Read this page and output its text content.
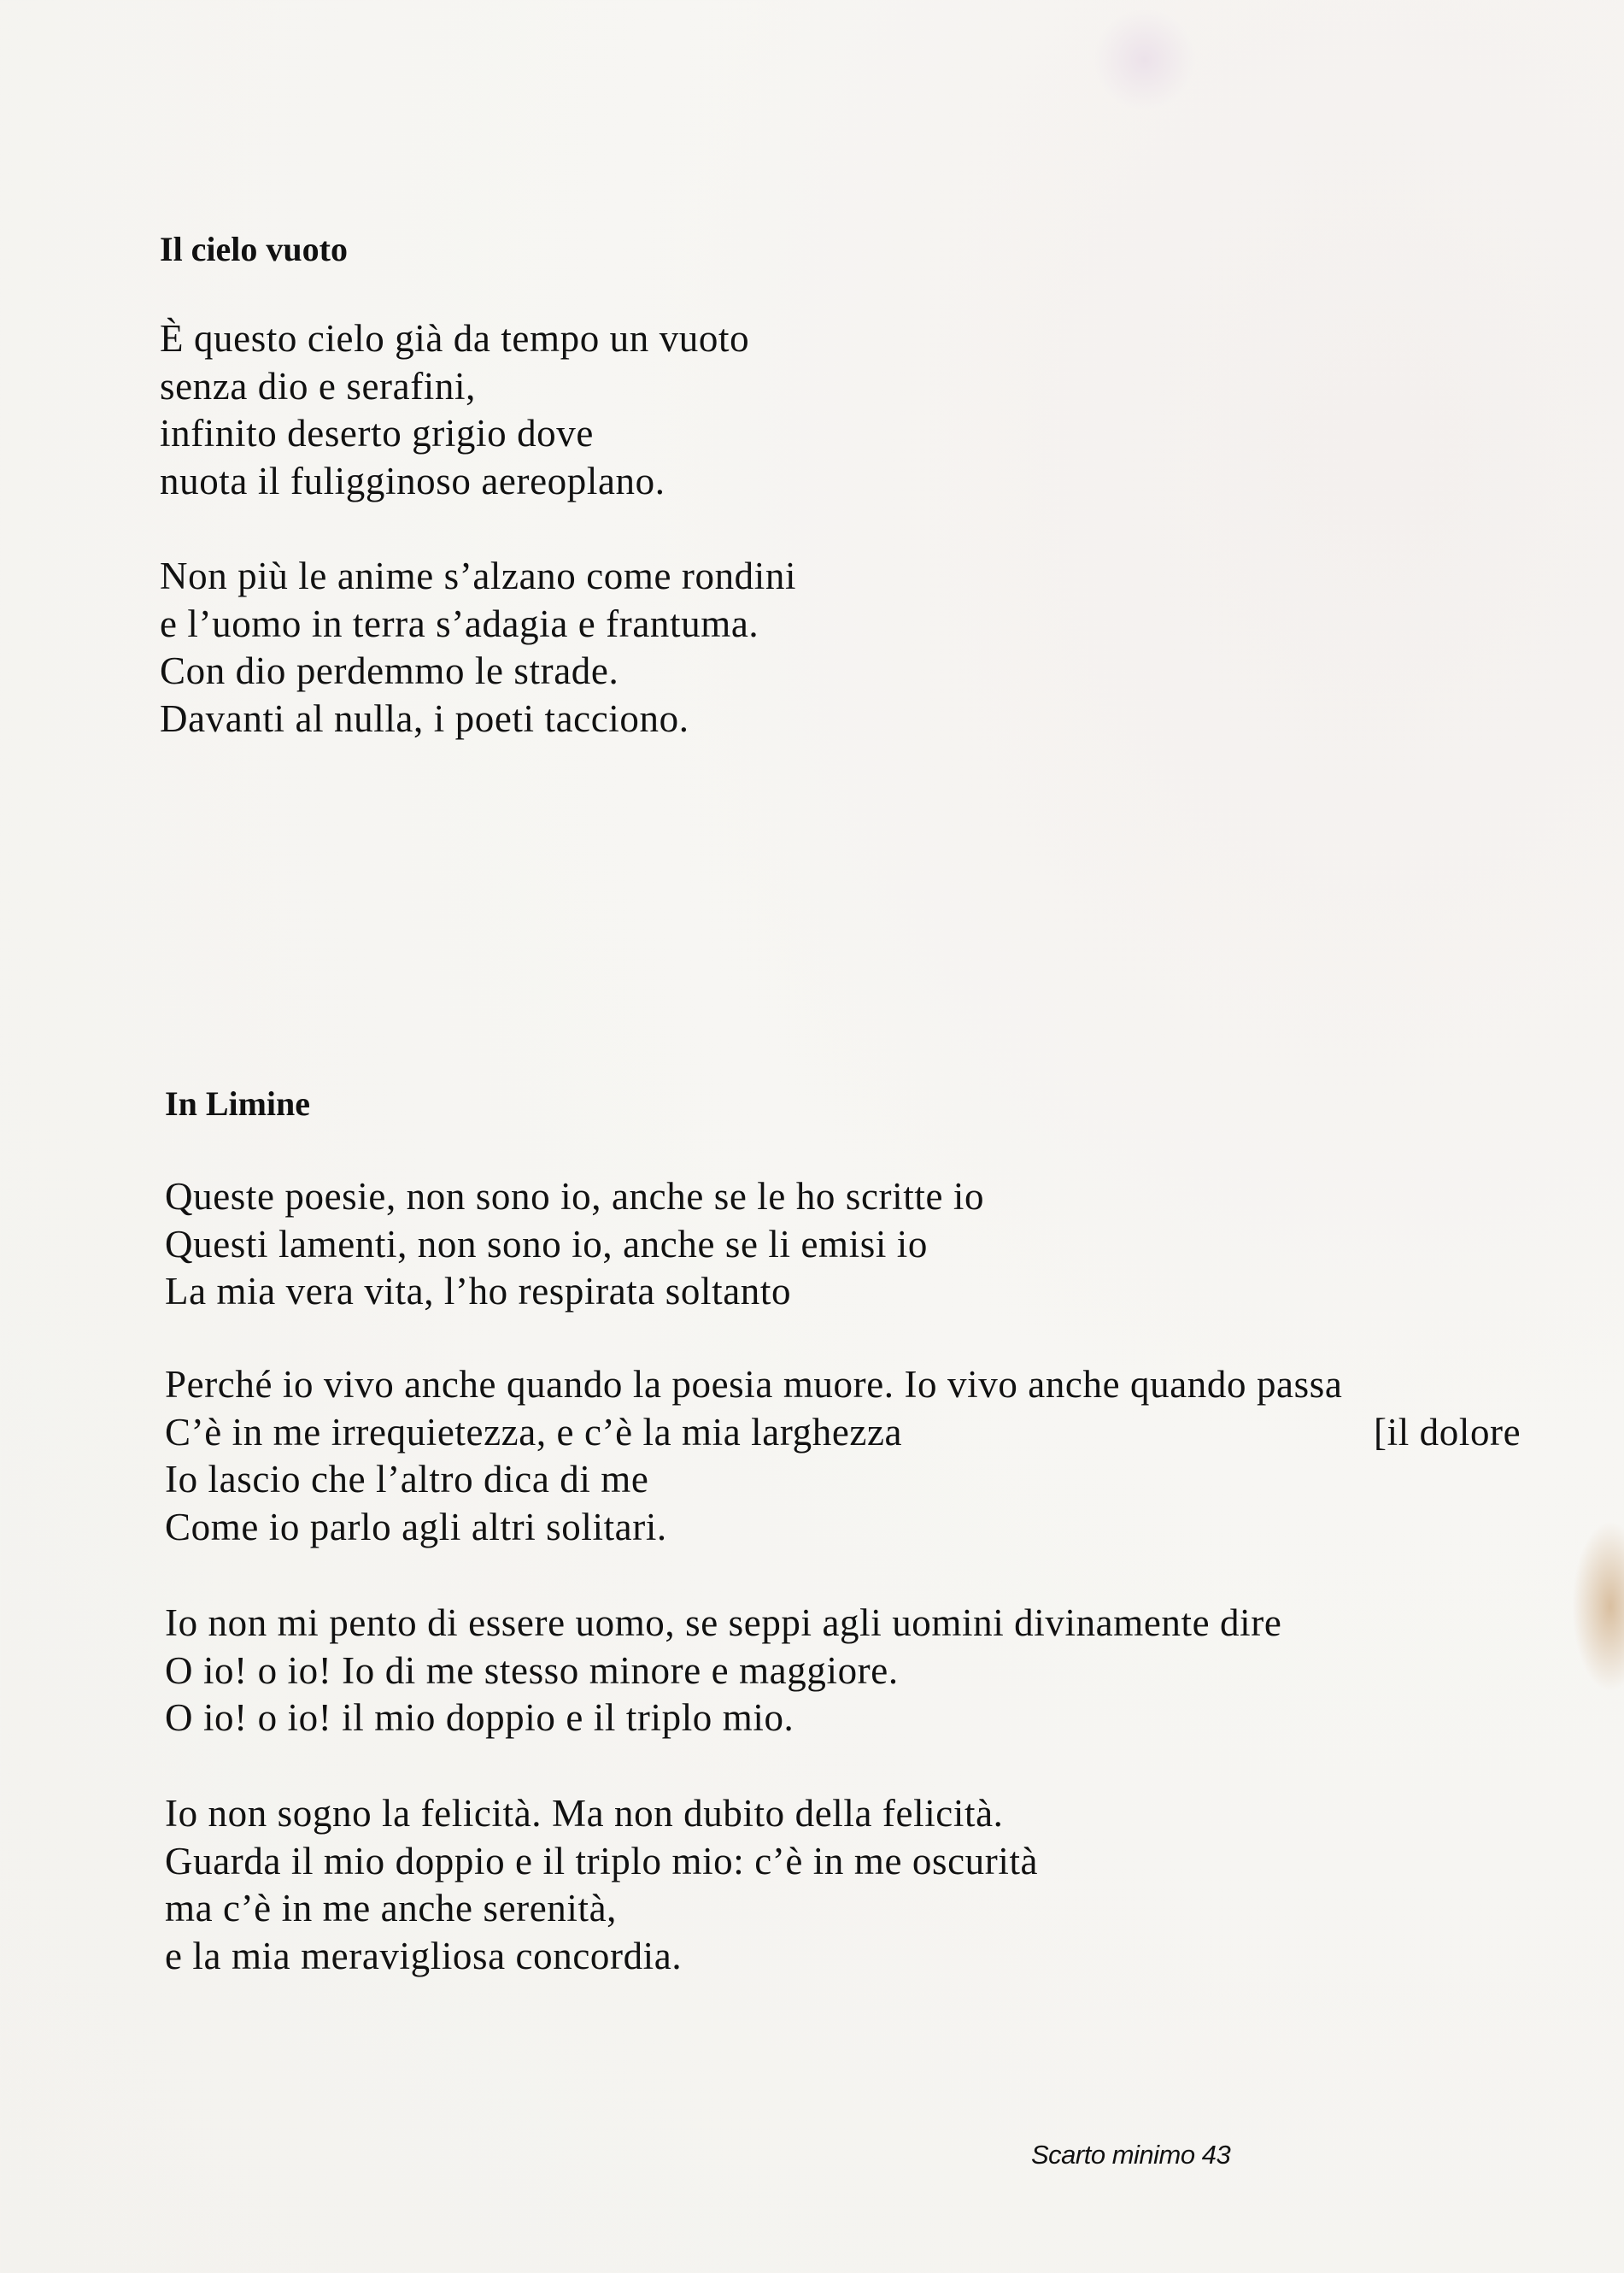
Il cielo vuoto
È questo cielo già da tempo un vuoto
senza dio e serafini,
infinito deserto grigio dove
nuota il fuligginoso aereoplano.
Non più le anime s’alzano come rondini
e l’uomo in terra s’adagia e frantuma.
Con dio perdemmo le strade.
Davanti al nulla, i poeti tacciono.
In Limine
Queste poesie, non sono io, anche se le ho scritte io
Questi lamenti, non sono io, anche se li emisi io
La mia vera vita, l’ho respirata soltanto
Perché io vivo anche quando la poesia muore. Io vivo anche quando passa
C’è in me irrequietezza, e c’è la mia larghezza	[il dolore
Io lascio che l’altro dica di me
Come io parlo agli altri solitari.
Io non mi pento di essere uomo, se seppi agli uomini divinamente dire
O io! o io! Io di me stesso minore e maggiore.
O io! o io! il mio doppio e il triplo mio.
Io non sogno la felicità. Ma non dubito della felicità.
Guarda il mio doppio e il triplo mio: c’è in me oscurità
ma c’è in me anche serenità,
e la mia meravigliosa concordia.
Scarto minimo 43
